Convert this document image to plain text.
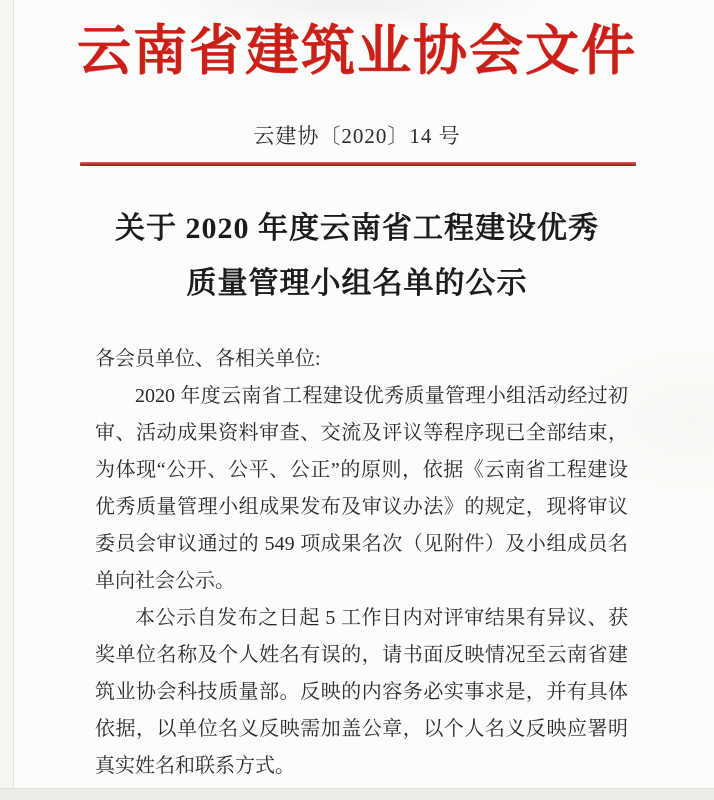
云南省建筑业协会文件
云建协〔2020〕14 号
关于 2020 年度云南省工程建设优秀
质量管理小组名单的公示

各会员单位、各相关单位:

2020 年度云南省工程建设优秀质量管理小组活动经过初审、活动成果资料审查、交流及评议等程序现已全部结束，为体现“公开、公平、公正”的原则，依据《云南省工程建设优秀质量管理小组成果发布及审议办法》的规定，现将审议委员会审议通过的 549 项成果名次（见附件）及小组成员名单向社会公示。

本公示自发布之日起 5 工作日内对评审结果有异议、获奖单位名称及个人姓名有误的，请书面反映情况至云南省建筑业协会科技质量部。反映的内容务必实事求是，并有具体依据，以单位名义反映需加盖公章，以个人名义反映应署明真实姓名和联系方式。
